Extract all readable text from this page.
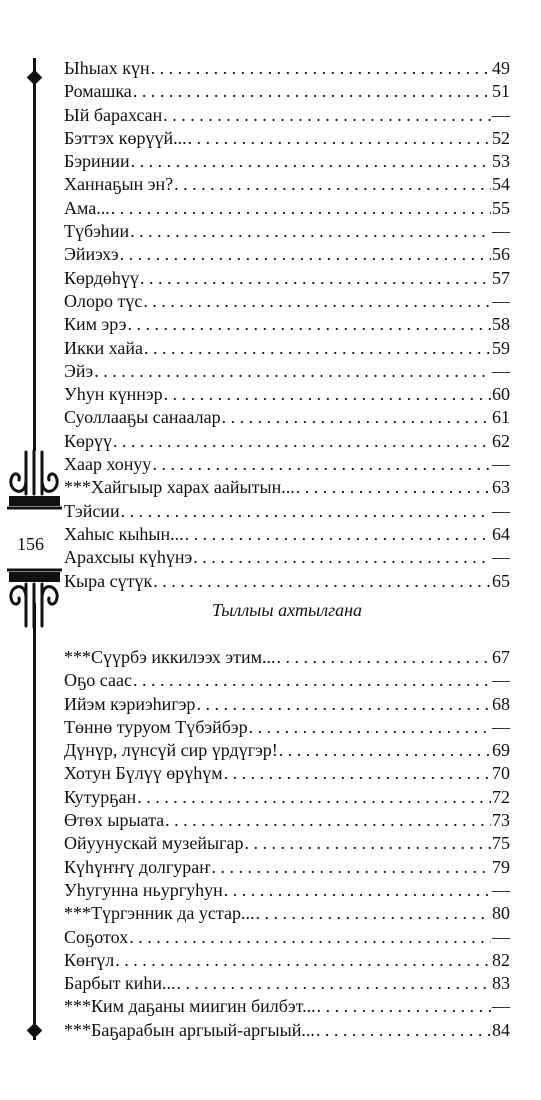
156
Ыһыах күн . . .	49
Ромашка . . .	51
Ый барахсан . . .	—
Бэттэх көрүүй... . . .	52
Бэринии . . .	53
Ханнаҕын эн? . . .	54
Ама... . . .	55
Түбэһии . . .	—
Эйиэхэ . . .	56
Көрдөһүү . . .	57
Олоро түс . . .	—
Ким эрэ . . .	58
Икки хайа . . .	59
Эйэ . . .	—
Уһун күннэр . . .	60
Суоллааҕы санаалар . . .	61
Көрүү . . .	62
Хаар хонуу . . .	—
***Хайгыыр харах аайытын... . . .	63
Тэйсии . . .	—
Хаһыс кыһын... . . .	64
Арахсыы күһүнэ . . .	—
Кыра сүтүк . . .	65
Тыллыы ахтылгана
***Сүүрбэ иккилээх этим... . . .	67
Оҕо саас . . .	—
Ийэм кэриэһигэр . . .	68
Төннө туруом Түбэйбэр . . .	—
Дүнүр, лүнсүй сир үрдүгэр! . . .	69
Хотун Бүлүү өрүһүм . . .	70
Кутурҕан . . .	72
Өтөх ырыата . . .	73
Ойуунускай музейыгар . . .	75
Күһүҥҥү долгураҥ . . .	79
Уһугунна ньургуһун . . .	—
***Түргэнник да устар... . . .	80
Соҕотох . . .	—
Көҥүл . . .	82
Барбыт киһи... . . .	83
***Ким даҕаны миигин билбэт... . . .	—
***Баҕарабын аргыый-аргыый... . . .	84
